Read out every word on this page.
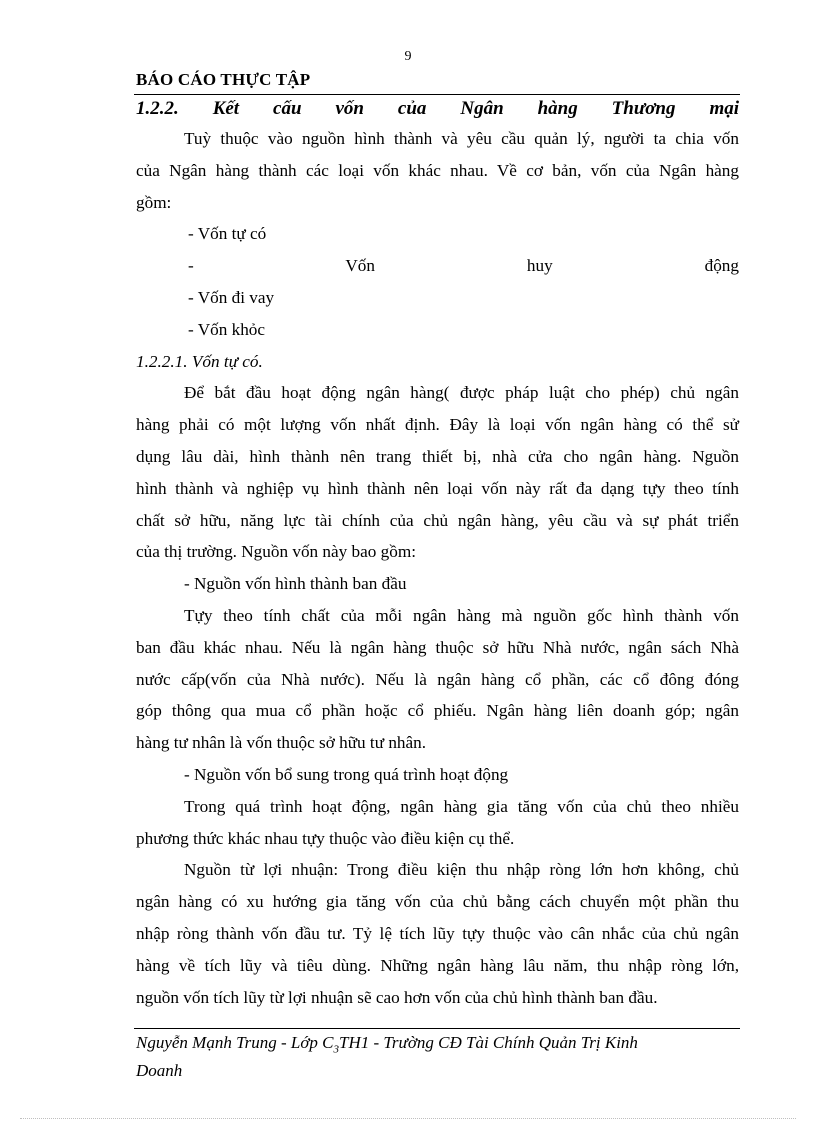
9
BÁO CÁO THỰC TẬP
1.2.2. Kết cấu vốn của Ngân hàng Thương mại
Tuỳ thuộc vào nguồn hình thành và yêu cầu quản lý, người ta chia vốn
của Ngân hàng thành các loại vốn khác nhau. Về cơ bản, vốn của Ngân hàng
gồm:
- Vốn tự có
- Vốn huy động
- Vốn đi vay
- Vốn khỏc
1.2.2.1. Vốn tự có.
Để bắt đầu hoạt động ngân hàng( được pháp luật cho phép) chủ ngân
hàng phải có một lượng vốn nhất định. Đây là loại vốn ngân hàng có thể sử
dụng lâu dài, hình thành nên trang thiết bị, nhà cửa cho ngân hàng. Nguồn
hình thành và nghiệp vụ hình thành nên loại vốn này rất đa dạng tựy theo tính
chất sở hữu, năng lực tài chính của chủ ngân hàng, yêu cầu và sự phát triển
của thị trường. Nguồn vốn này bao gồm:
- Nguồn vốn hình thành ban đầu
Tựy theo tính chất của mỗi ngân hàng mà nguồn gốc hình thành vốn
ban đầu khác nhau. Nếu là ngân hàng thuộc sở hữu Nhà nước, ngân sách Nhà
nước cấp(vốn của Nhà nước). Nếu là ngân hàng cổ phần, các cổ đông đóng
góp thông qua mua cổ phần hoặc cổ phiếu. Ngân hàng liên doanh góp; ngân
hàng tư nhân là vốn thuộc sở hữu tư nhân.
- Nguồn vốn bổ sung trong quá trình hoạt động
Trong quá trình hoạt động, ngân hàng gia tăng vốn của chủ theo nhiều
phương thức khác nhau tựy thuộc vào điều kiện cụ thể.
Nguồn từ lợi nhuận: Trong điều kiện thu nhập ròng lớn hơn không, chủ
ngân hàng có xu hướng gia tăng vốn của chủ bằng cách chuyển một phần thu
nhập ròng thành vốn đầu tư. Tỷ lệ tích lũy tựy thuộc vào cân nhắc của chủ ngân
hàng về tích lũy và tiêu dùng. Những ngân hàng lâu năm, thu nhập ròng lớn,
nguồn vốn tích lũy từ lợi nhuận sẽ cao hơn vốn của chủ hình thành ban đầu.
Nguyễn Mạnh Trung - Lớp $C_3TH1$ - Trường CĐ Tài Chính Quản Trị Kinh
Doanh
